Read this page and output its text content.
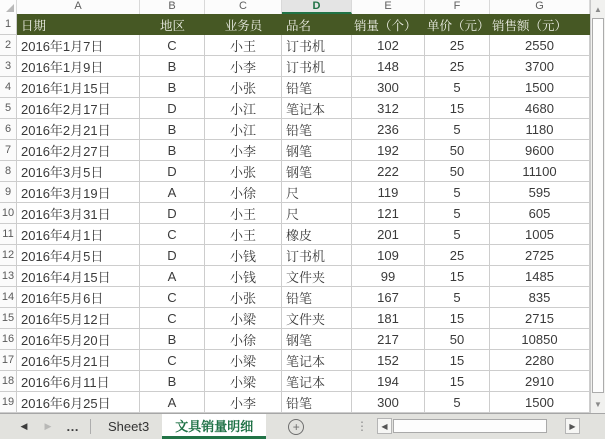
A	B	C	D	E	F	G
1 日期	地区	业务员	品名	销量（个） 单价（元） 销售额（元）
2 2016年1月7日	C	小王	订书机	102	25	2550
3 2016年1月9日	B	小李	订书机	148	25	3700
4 2016年1月15日	B	小张	铅笔	300	5	1500
5 2016年2月17日	D	小江	笔记本	312	15	4680
6 2016年2月21日	B	小江	铅笔	236	5	1180
7 2016年2月27日	B	小李	钢笔	192	50	9600
8 2016年3月5日	D	小张	钢笔	222	50	11100
9 2016年3月19日	A	小徐	尺	119	5	595
10 2016年3月31日	D	小王	尺	121	5	605
11 2016年4月1日	C	小王	橡皮	201	5	1005
12 2016年4月5日	D	小钱	订书机	109	25	2725
13 2016年4月15日	A	小钱	文件夹	99	15	1485
14 2016年5月6日	C	小张	铅笔	167	5	835
15 2016年5月12日	C	小梁	文件夹	181	15	2715
16 2016年5月20日	B	小徐	钢笔	217	50	10850
17 2016年5月21日	C	小梁	笔记本	152	15	2280
18 2016年6月11日	B	小梁	笔记本	194	15	2910
19 2016年6月25日	A	小李	铅笔	300	5	1500
▲
▼
◀ ▶ …	Sheet3	文具销量明细	+	⋮ ◀	▶
